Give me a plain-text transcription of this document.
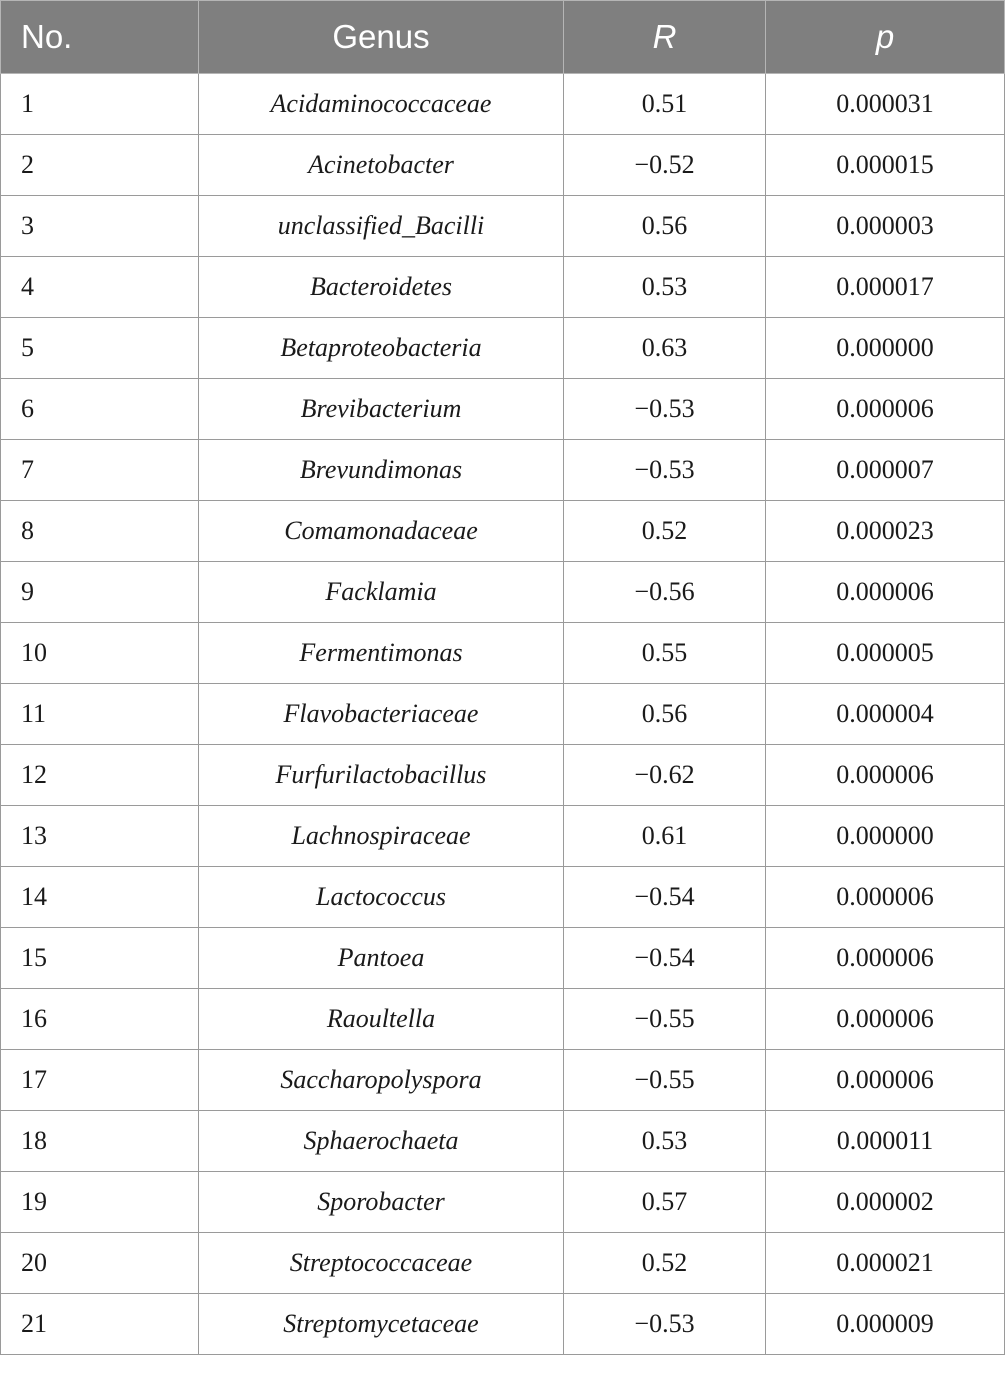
No.	Genus	R	p
1	Acidaminococcaceae	0.51	0.000031
2	Acinetobacter	−0.52	0.000015
3	unclassified_Bacilli	0.56	0.000003
4	Bacteroidetes	0.53	0.000017
5	Betaproteobacteria	0.63	0.000000
6	Brevibacterium	−0.53	0.000006
7	Brevundimonas	−0.53	0.000007
8	Comamonadaceae	0.52	0.000023
9	Facklamia	−0.56	0.000006
10	Fermentimonas	0.55	0.000005
11	Flavobacteriaceae	0.56	0.000004
12	Furfurilactobacillus	−0.62	0.000006
13	Lachnospiraceae	0.61	0.000000
14	Lactococcus	−0.54	0.000006
15	Pantoea	−0.54	0.000006
16	Raoultella	−0.55	0.000006
17	Saccharopolyspora	−0.55	0.000006
18	Sphaerochaeta	0.53	0.000011
19	Sporobacter	0.57	0.000002
20	Streptococcaceae	0.52	0.000021
21	Streptomycetaceae	−0.53	0.000009
